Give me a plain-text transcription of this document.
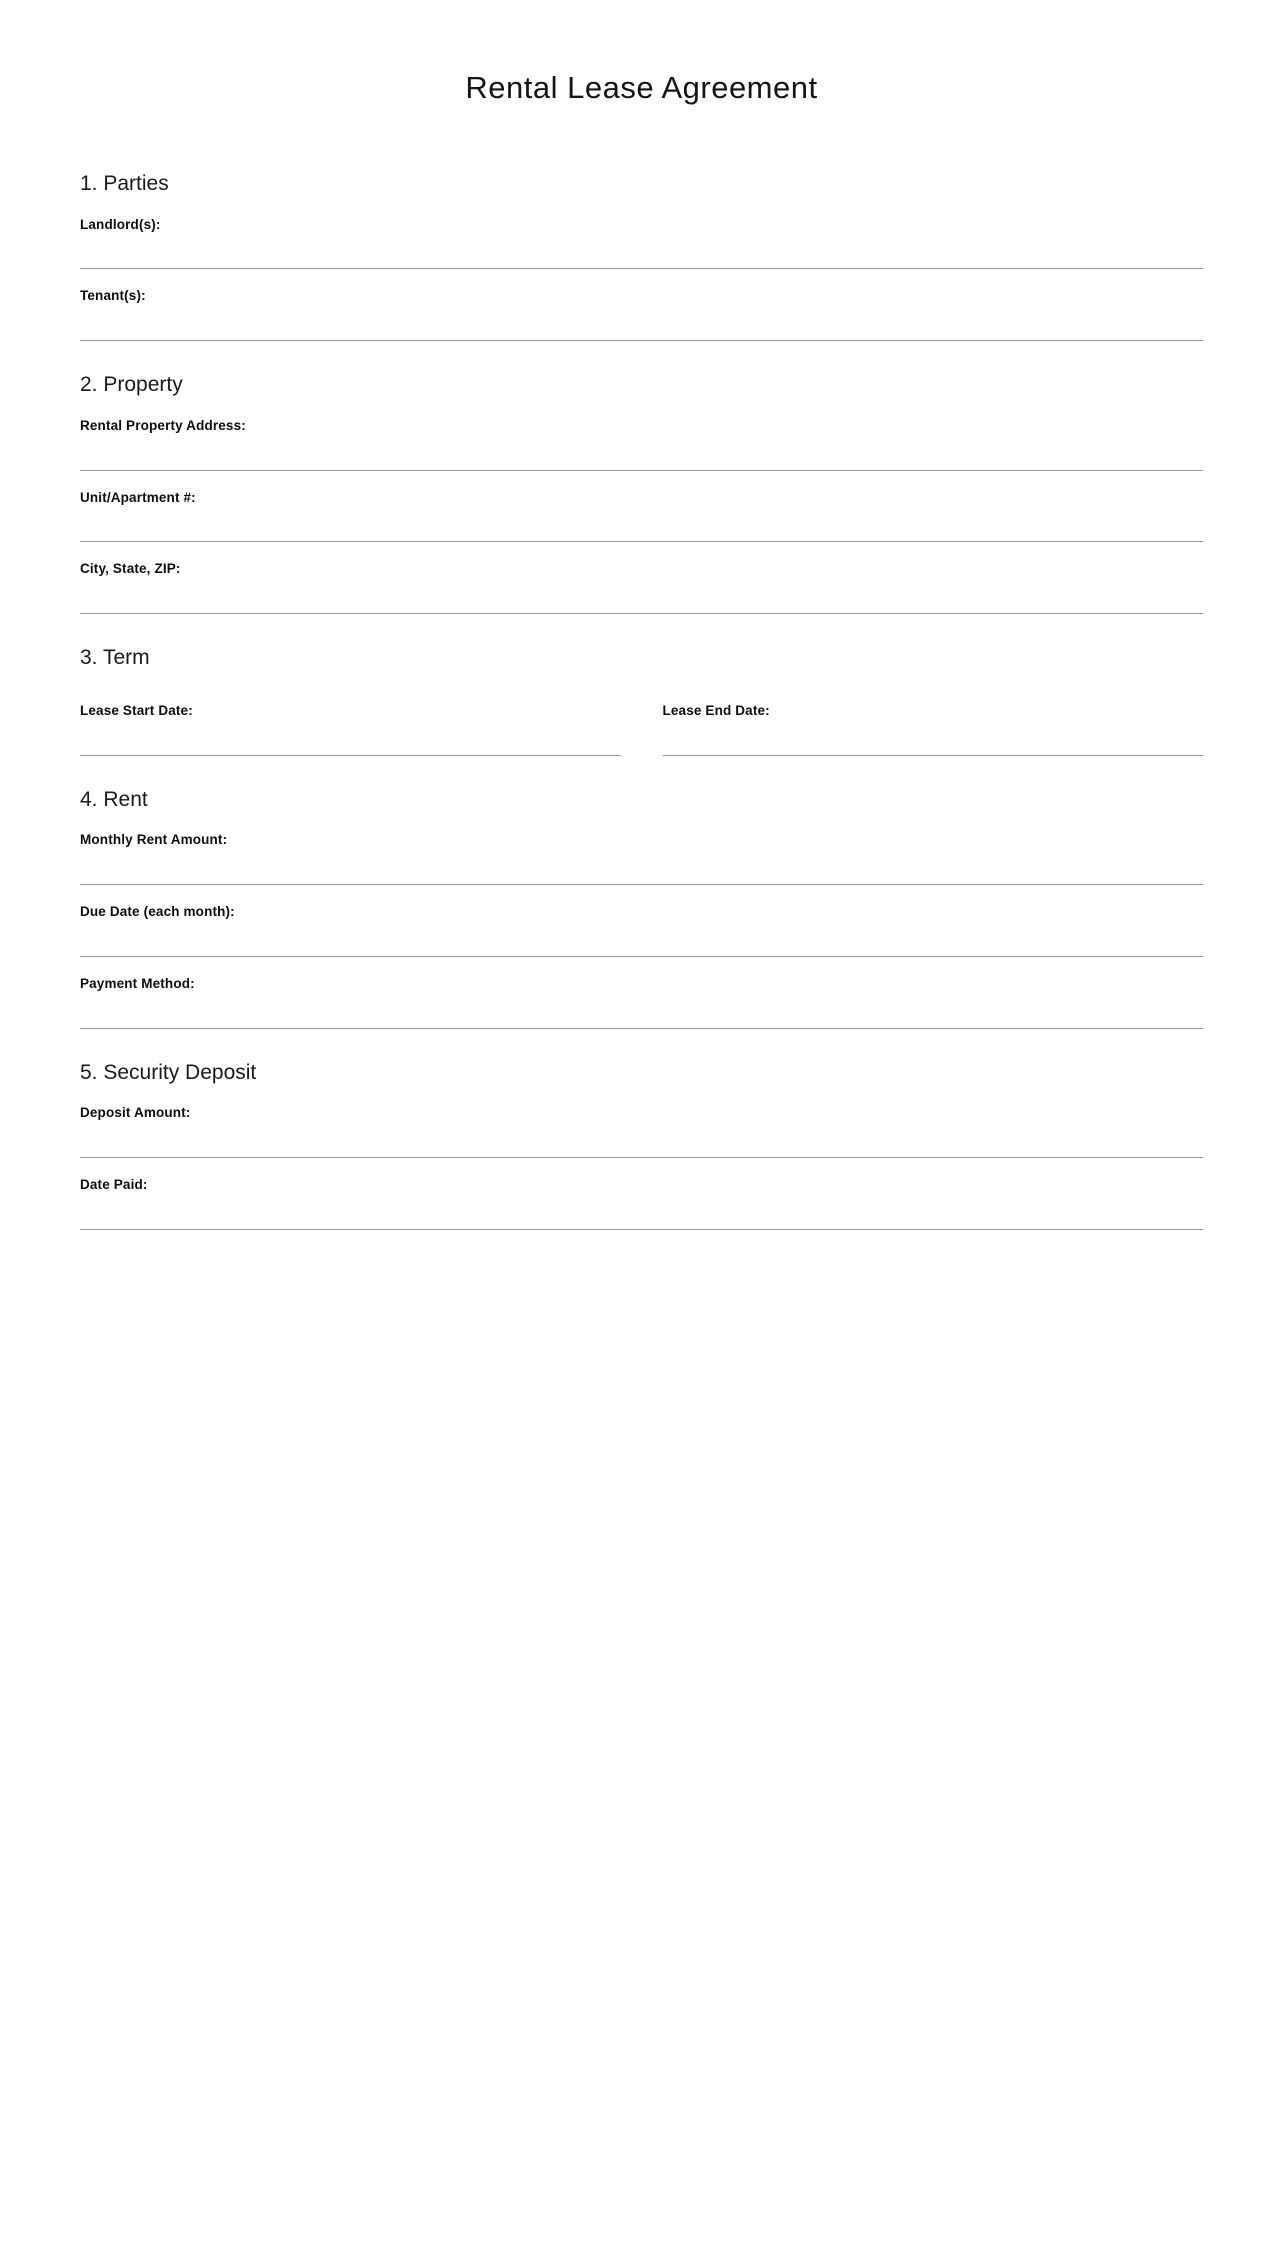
Rental Lease Agreement
1. Parties
Landlord(s):
Tenant(s):
2. Property
Rental Property Address:
Unit/Apartment #:
City, State, ZIP:
3. Term
Lease Start Date:	Lease End Date:
4. Rent
Monthly Rent Amount:
Due Date (each month):
Payment Method:
5. Security Deposit
Deposit Amount:
Date Paid:
